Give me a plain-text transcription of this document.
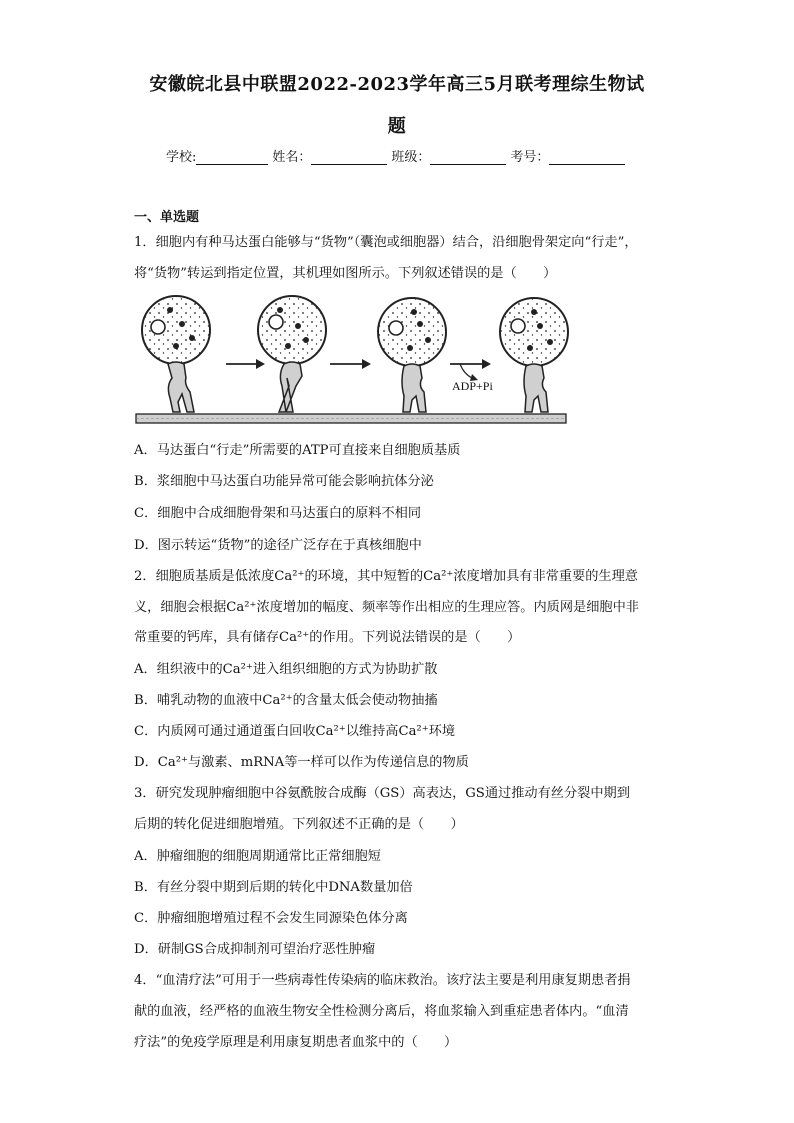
安徽皖北县中联盟2022-2023学年高三5月联考理综生物试
题
学校:	姓名：	班级：	考号：
一、单选题
1．细胞内有种马达蛋白能够与“货物”（囊泡或细胞器）结合，沿细胞骨架定向“行走”，
将“货物”转运到指定位置，其机理如图所示。下列叙述错误的是（　　）
ADP+Pi
A．马达蛋白“行走”所需要的ATP可直接来自细胞质基质
B．浆细胞中马达蛋白功能异常可能会影响抗体分泌
C．细胞中合成细胞骨架和马达蛋白的原料不相同
D．图示转运“货物”的途径广泛存在于真核细胞中
2．细胞质基质是低浓度Ca²⁺的环境，其中短暂的Ca²⁺浓度增加具有非常重要的生理意
义，细胞会根据Ca²⁺浓度增加的幅度、频率等作出相应的生理应答。内质网是细胞中非
常重要的钙库，具有储存Ca²⁺的作用。下列说法错误的是（　　）
A．组织液中的Ca²⁺进入组织细胞的方式为协助扩散
B．哺乳动物的血液中Ca²⁺的含量太低会使动物抽搐
C．内质网可通过通道蛋白回收Ca²⁺以维持高Ca²⁺环境
D．Ca²⁺与激素、mRNA等一样可以作为传递信息的物质
3．研究发现肿瘤细胞中谷氨酰胺合成酶（GS）高表达，GS通过推动有丝分裂中期到
后期的转化促进细胞增殖。下列叙述不正确的是（　　）
A．肿瘤细胞的细胞周期通常比正常细胞短
B．有丝分裂中期到后期的转化中DNA数量加倍
C．肿瘤细胞增殖过程不会发生同源染色体分离
D．研制GS合成抑制剂可望治疗恶性肿瘤
4．“血清疗法”可用于一些病毒性传染病的临床救治。该疗法主要是利用康复期患者捐
献的血液，经严格的血液生物安全性检测分离后，将血浆输入到重症患者体内。“血清
疗法”的免疫学原理是利用康复期患者血浆中的（　　）
